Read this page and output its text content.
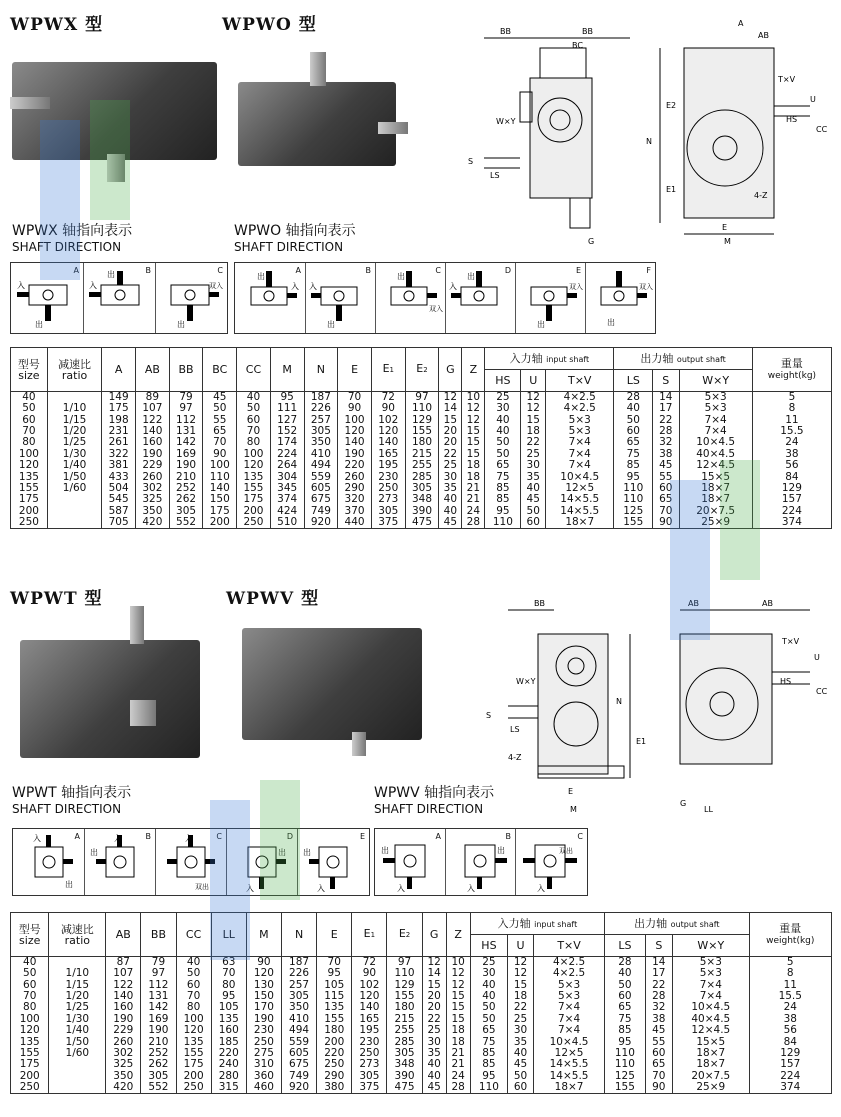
WPWX 型	WPWO 型
WPWX 轴指向表示
SHAFT DIRECTION
WPWO 轴指向表示
SHAFT DIRECTION
A
入
出
B
入
出	C
双入
出
A
出
入
B
出
入
C
出
双入
D
出
入
E
出
双入
F
出
双入
BB	BB
BC
A
AB
T×V
U
HS
CC
W×Y
S
LS
N
E2
E1
4-Z
E
M
G
型号
size	减速比
ratio	A	AB	BB	BC	CC	M	N	E	E1	E2	G	Z	入力轴 input shaft			出力轴 output shaft			重量
weight(kg)
														HS	U	T×V	LS	S	W×Y	
40		149	89	79	45	40	95	187	70	72	97	12	10	25	12	4×2.5	28	14	5×3	5
50	1/10	175	107	97	50	50	111	226	90	90	110	14	12	30	12	4×2.5	40	17	5×3	8
60	1/15	198	122	112	55	60	127	257	100	102	129	15	12	40	15	5×3	50	22	7×4	11
70	1/20	231	140	131	65	70	152	305	120	120	155	20	15	40	18	5×3	60	28	7×4	15.5
80	1/25	261	160	142	70	80	174	350	140	140	180	20	15	50	22	7×4	65	32	10×4.5	24
100	1/30	322	190	169	90	100	224	410	190	165	215	22	15	50	25	7×4	75	38	40×4.5	38
120	1/40	381	229	190	100	120	264	494	220	195	255	25	18	65	30	7×4	85	45	12×4.5	56
135	1/50	433	260	210	110	135	304	559	260	230	285	30	18	75	35	10×4.5	95	55	15×5	84
155	1/60	504	302	252	140	155	345	605	290	250	305	35	21	85	40	12×5	110	60	18×7	129
175		545	325	262	150	175	374	675	320	273	348	40	21	85	45	14×5.5	110	65	18×7	157
200		587	350	305	175	200	424	749	370	305	390	40	24	95	50	14×5.5	125	70	20×7.5	224
250		705	420	552	200	250	510	920	440	375	475	45	28	110	60	18×7	155	90	25×9	374
WPWT 型	WPWV 型
WPWT 轴指向表示
SHAFT DIRECTION
WPWV 轴指向表示
SHAFT DIRECTION
A
入
出
B
入
出
C
入
双出
D
入
出
E
入
出
A
出
入
B
出
入
C
双出
入
BB	AB	AB
T×V
U
HS
CC
W×Y
S
LS
N
E1
4-Z
E
M
G
LL
型号
size	减速比
ratio	AB	BB	CC	LL	M	N	E	E1	E2	G	Z	入力轴 input shaft			出力轴 output shaft			重量
weight(kg)
													HS	U	T×V	LS	S	W×Y	
40		87	79	40	63	90	187	70	72	97	12	10	25	12	4×2.5	28	14	5×3	5
50	1/10	107	97	50	70	120	226	95	90	110	14	12	30	12	4×2.5	40	17	5×3	8
60	1/15	122	112	60	80	130	257	105	102	129	15	12	40	15	5×3	50	22	7×4	11
70	1/20	140	131	70	95	150	305	115	120	155	20	15	40	18	5×3	60	28	7×4	15.5
80	1/25	160	142	80	105	170	350	135	140	180	20	15	50	22	7×4	65	32	10×4.5	24
100	1/30	190	169	100	135	190	410	155	165	215	22	15	50	25	7×4	75	38	40×4.5	38
120	1/40	229	190	120	160	230	494	180	195	255	25	18	65	30	7×4	85	45	12×4.5	56
135	1/50	260	210	135	185	250	559	200	230	285	30	18	75	35	10×4.5	95	55	15×5	84
155	1/60	302	252	155	220	275	605	220	250	305	35	21	85	40	12×5	110	60	18×7	129
175		325	262	175	240	310	675	250	273	348	40	21	85	45	14×5.5	110	65	18×7	157
200		350	305	200	280	360	749	290	305	390	40	24	95	50	14×5.5	125	70	20×7.5	224
250		420	552	250	315	460	920	380	375	475	45	28	110	60	18×7	155	90	25×9	374
